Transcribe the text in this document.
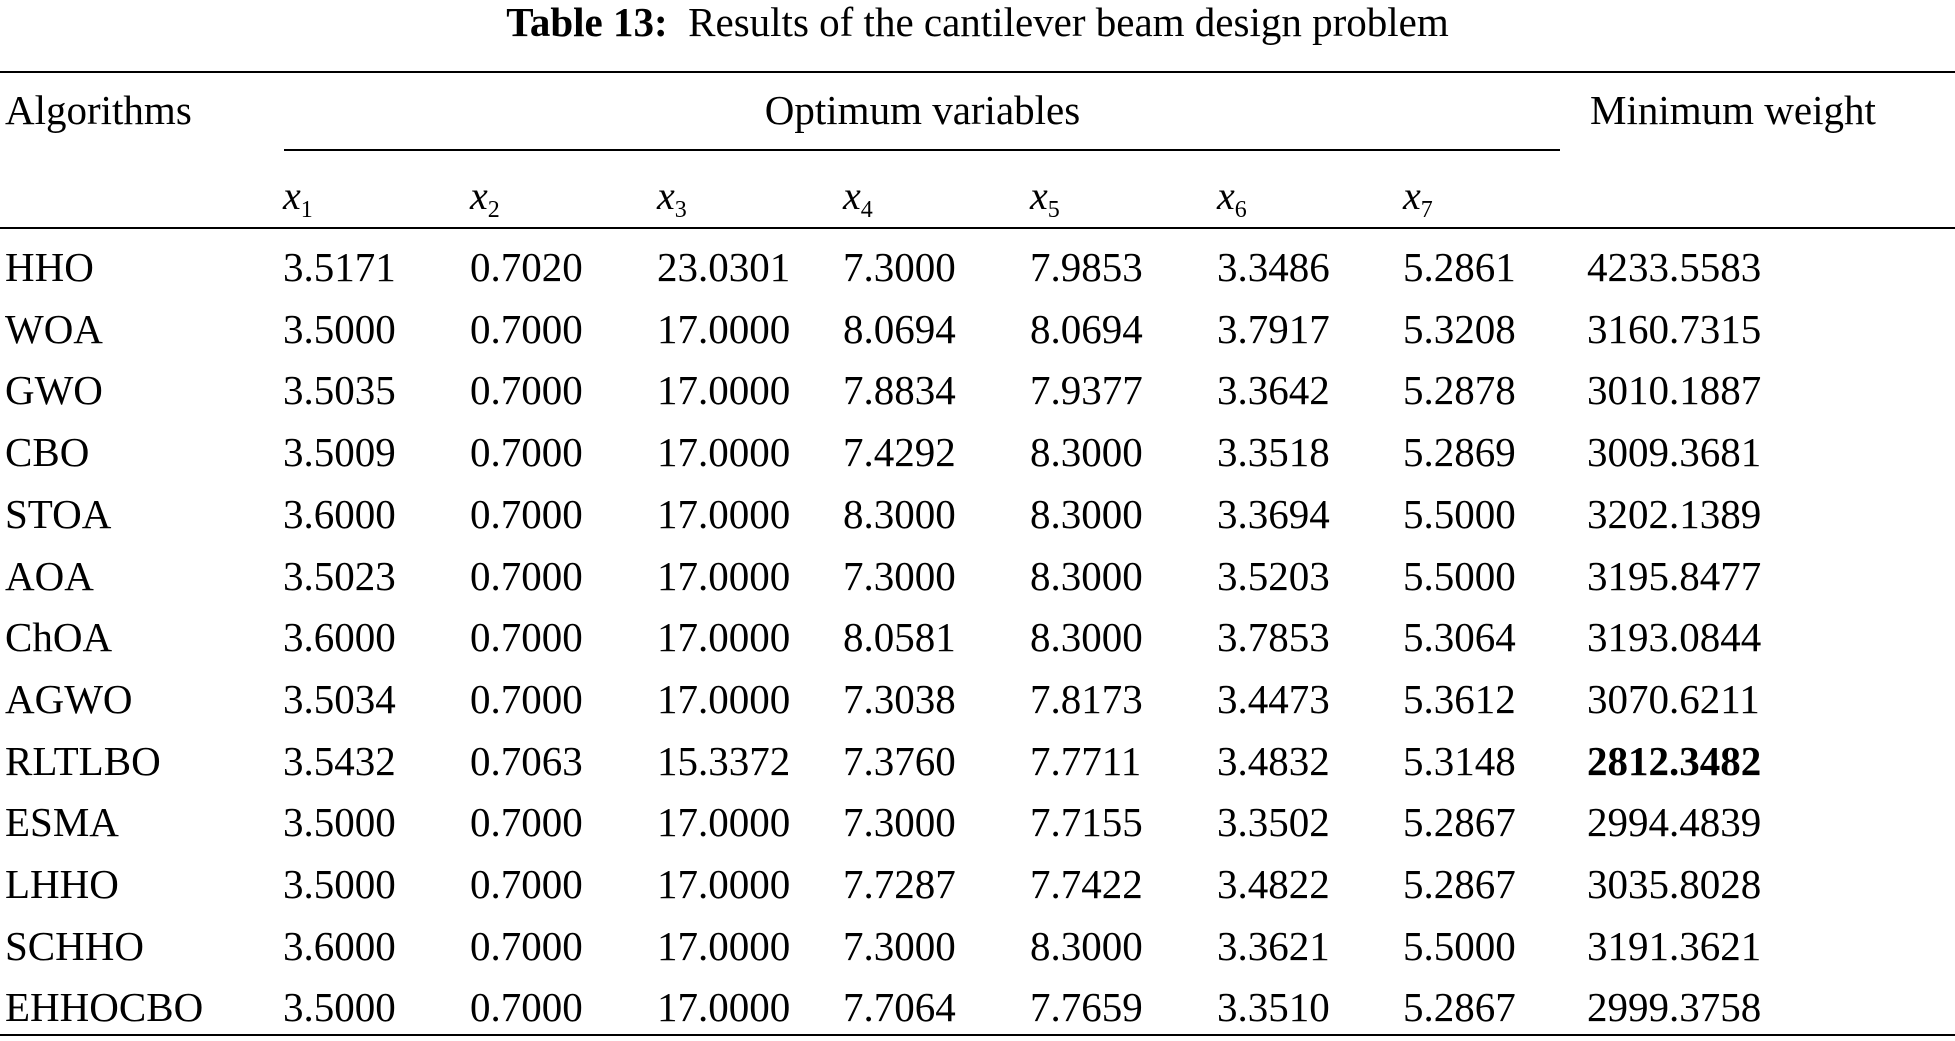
Table 13: Results of the cantilever beam design problem
Algorithms	Optimum variables	Minimum weight
$x_1$	$x_2$	$x_3$	$x_4$	$x_5$	$x_6$	$x_7$
HHO	3.5171 0.7020 23.0301 7.3000 7.9853 3.3486 5.2861 4233.5583
WOA	3.5000 0.7000 17.0000 8.0694 8.0694 3.7917 5.3208 3160.7315
GWO	3.5035 0.7000 17.0000 7.8834 7.9377 3.3642 5.2878 3010.1887
CBO	3.5009 0.7000 17.0000 7.4292 8.3000 3.3518 5.2869 3009.3681
STOA	3.6000 0.7000 17.0000 8.3000 8.3000 3.3694 5.5000 3202.1389
AOA	3.5023 0.7000 17.0000 7.3000 8.3000 3.5203 5.5000 3195.8477
ChOA	3.6000 0.7000 17.0000 8.0581 8.3000 3.7853 5.3064 3193.0844
AGWO	3.5034 0.7000 17.0000 7.3038 7.8173 3.4473 5.3612 3070.6211
RLTLBO	3.5432 0.7063 15.3372 7.3760 7.7711 3.4832 5.3148 2812.3482
ESMA	3.5000 0.7000 17.0000 7.3000 7.7155 3.3502 5.2867 2994.4839
LHHO	3.5000 0.7000 17.0000 7.7287 7.7422 3.4822 5.2867 3035.8028
SCHHO	3.6000 0.7000 17.0000 7.3000 8.3000 3.3621 5.5000 3191.3621
EHHOCBO 3.5000 0.7000 17.0000 7.7064 7.7659 3.3510 5.2867 2999.3758
